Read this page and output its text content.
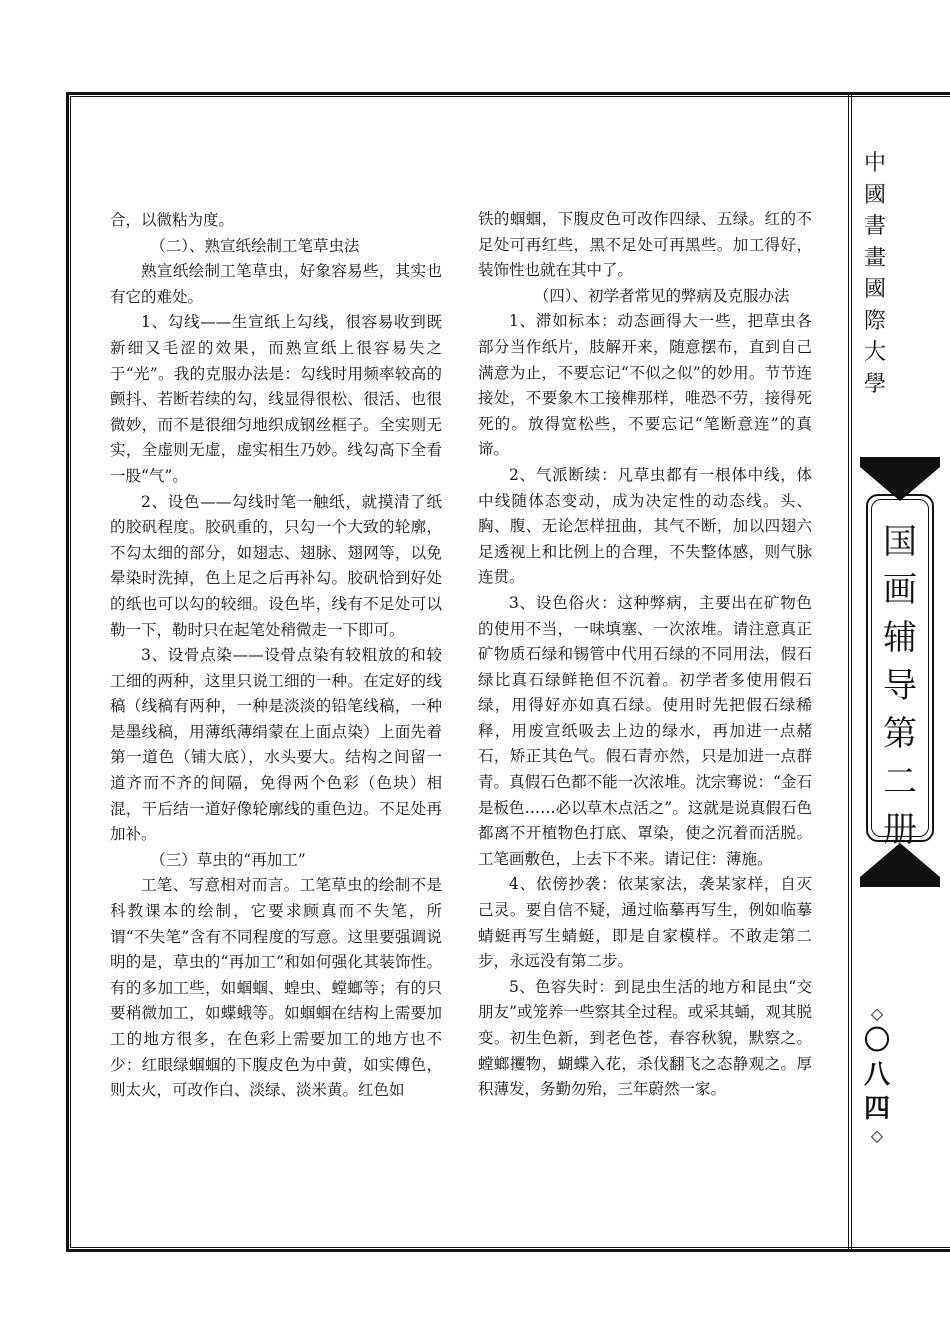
合，以微粘为度。

（二）、熟宣纸绘制工笔草虫法

熟宣纸绘制工笔草虫，好象容易些，其实也有它的难处。

1、勾线——生宣纸上勾线，很容易收到既新细又毛涩的效果，而熟宣纸上很容易失之于“光”。我的克服办法是：勾线时用频率较高的颤抖、若断若续的勾，线显得很松、很活、也很微妙，而不是很细匀地织成钢丝框子。全实则无实，全虚则无虚，虚实相生乃妙。线勾高下全看一股“气”。

2、设色——勾线时笔一触纸，就摸清了纸的胶矾程度。胶矾重的，只勾一个大致的轮廓，不勾太细的部分，如翅志、翅脉、翅网等，以免晕染时洗掉，色上足之后再补勾。胶矾恰到好处的纸也可以勾的较细。设色毕，线有不足处可以勒一下，勒时只在起笔处稍微走一下即可。

3、设骨点染——设骨点染有较粗放的和较工细的两种，这里只说工细的一种。在定好的线稿（线稿有两种，一种是淡淡的铅笔线稿，一种是墨线稿，用薄纸薄绢蒙在上面点染）上面先着第一道色（铺大底），水头要大。结构之间留一道齐而不齐的间隔，免得两个色彩（色块）相混，干后结一道好像轮廓线的重色边。不足处再加补。

（三）草虫的“再加工”

工笔、写意相对而言。工笔草虫的绘制不是科教课本的绘制，它要求顾真而不失笔，所谓“不失笔”含有不同程度的写意。这里要强调说明的是，草虫的“再加工”和如何强化其装饰性。有的多加工些，如蝈蝈、蝗虫、螳螂等；有的只要稍微加工，如蝶蛾等。如蝈蝈在结构上需要加工的地方很多，在色彩上需要加工的地方也不少：红眼绿蝈蝈的下腹皮色为中黄，如实傅色，则太火，可改作白、淡绿、淡米黄。红色如

铁的蝈蝈，下腹皮色可改作四绿、五绿。红的不足处可再红些，黑不足处可再黑些。加工得好，装饰性也就在其中了。

（四）、初学者常见的弊病及克服办法

1、滞如标本：动态画得大一些，把草虫各部分当作纸片，肢解开来，随意摆布，直到自己满意为止，不要忘记“不似之似”的妙用。节节连接处，不要象木工接榫那样，唯恐不劳，接得死死的。放得宽松些，不要忘记“笔断意连”的真谛。

2、气派断续：凡草虫都有一根体中线，体中线随体态变动，成为决定性的动态线。头、胸、腹、无论怎样扭曲，其气不断，加以四翅六足透视上和比例上的合理，不失整体感，则气脉连贯。

3、设色俗火：这种弊病，主要出在矿物色的使用不当，一味填塞、一次浓堆。请注意真正矿物质石绿和锡管中代用石绿的不同用法，假石绿比真石绿鲜艳但不沉着。初学者多使用假石绿，用得好亦如真石绿。使用时先把假石绿稀释，用废宣纸吸去上边的绿水，再加进一点赭石，矫正其色气。假石青亦然，只是加进一点群青。真假石色都不能一次浓堆。沈宗骞说：“金石是板色……必以草木点活之”。这就是说真假石色都离不开植物色打底、罩染，使之沉着而活脱。工笔画敷色，上去下不来。请记住：薄施。

4、依傍抄袭：依某家法，袭某家样，自灭己灵。要自信不疑，通过临摹再写生，例如临摹蜻蜓再写生蜻蜓，即是自家模样。不敢走第二步，永远没有第二步。

5、色容失时：到昆虫生活的地方和昆虫“交朋友”或笼养一些察其全过程。或采其蛹，观其脱变。初生色新，到老色苍，春容秋貌，默察之。螳螂攫物，蝴蝶入花，杀伐翻飞之态静观之。厚积薄发，务勤勿殆，三年蔚然一家。

中
國
書
畫
國
際
大
學
国
画
辅
导
第
二
册
◇
〇
八
四
◇
